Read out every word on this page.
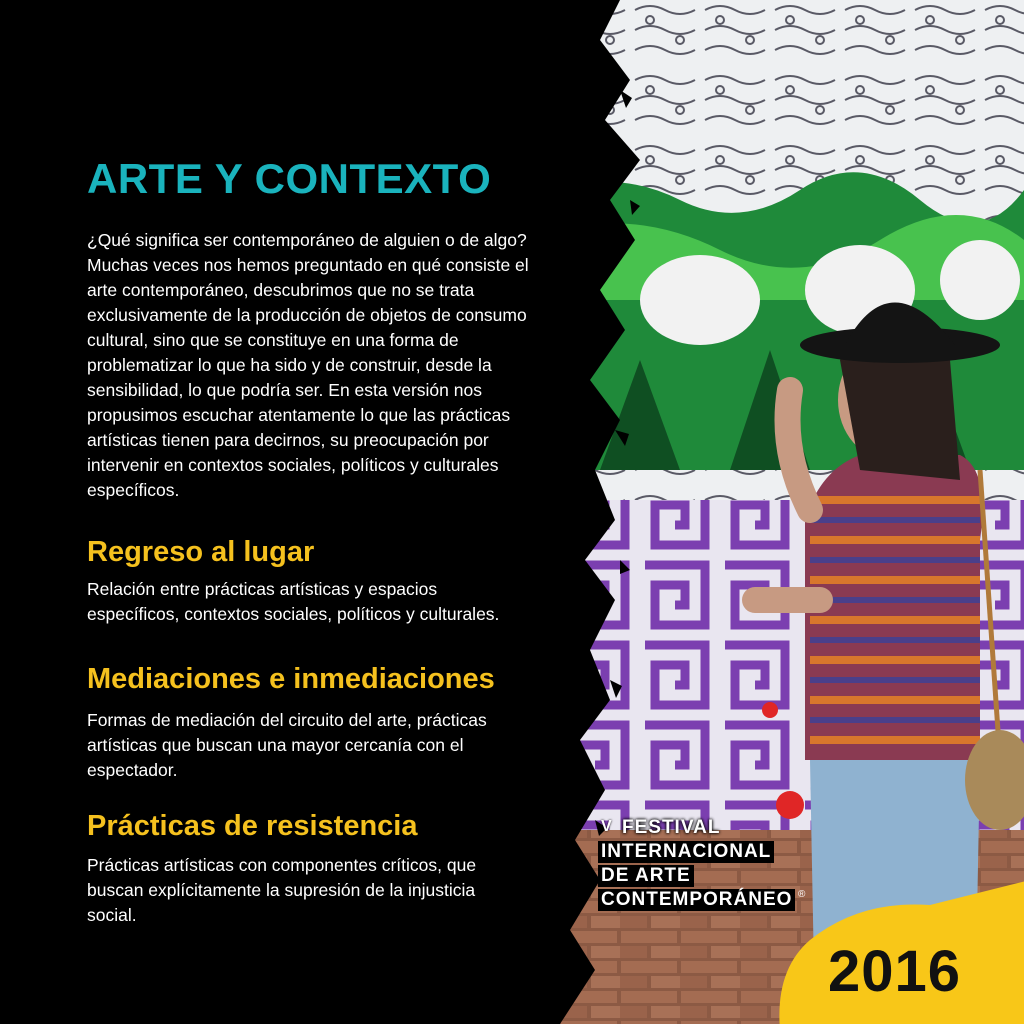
ARTE Y CONTEXTO

¿Qué significa ser contemporáneo de alguien o de algo? Muchas veces nos hemos preguntado en qué consiste el arte contemporáneo, descubrimos que no se trata exclusivamente de la producción de objetos de consumo cultural, sino que se constituye en una forma de problematizar lo que ha sido y de construir, desde la sensibilidad, lo que podría ser. En esta versión nos propusimos escuchar atentamente lo que las prácticas artísticas tienen para decirnos, su preocupación por intervenir en contextos sociales, políticos y culturales específicos.

Regreso al lugar

Relación entre prácticas artísticas y espacios específicos, contextos sociales, políticos y culturales.

Mediaciones e inmediaciones

Formas de mediación del circuito del arte, prácticas artísticas que buscan una mayor cercanía con el espectador.

Prácticas de resistencia

Prácticas artísticas con componentes críticos, que buscan explícitamente la supresión de la injusticia social.

V FESTIVAL
INTERNACIONAL
DE ARTE
CONTEMPORÁNEO ®
2016
